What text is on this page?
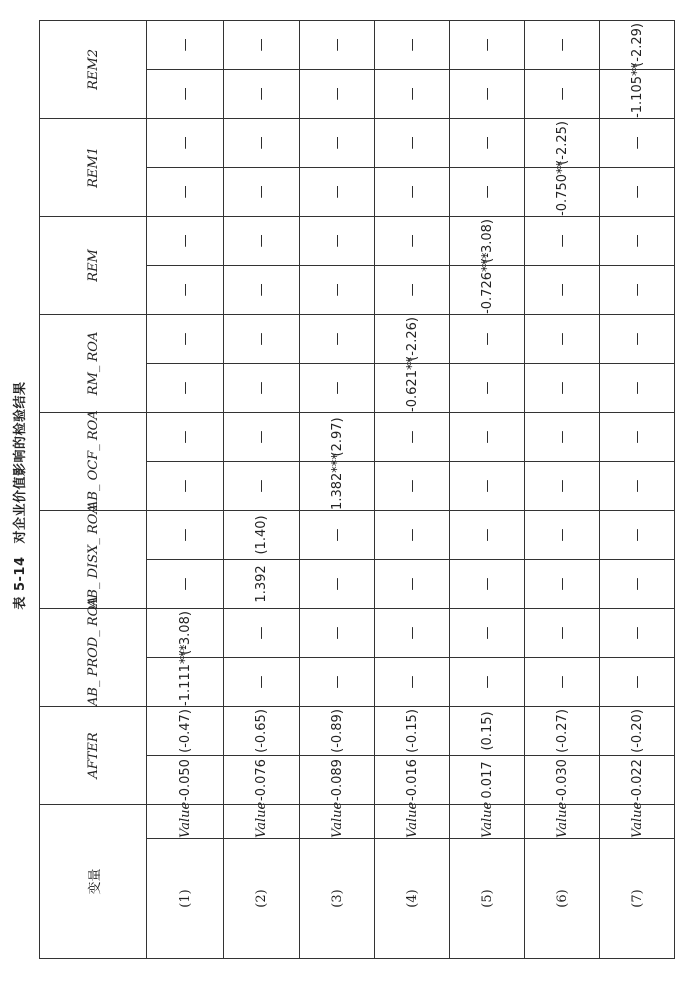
表 5-14 对企业价值影响的检验结果
变量		AFTER		AB_ PROD_ ROA		AB_ DISX_ ROA		AB_ OCF_ ROA		RM_ ROA		REM		REM1		REM2	
(1)	Value	-0.050	(-0.47)	-1.111***	(-3.08)	—	—	—	—	—	—	—	—	—	—	—	—
(2)	Value	-0.076	(-0.65)	—	—	1.392	(1.40)	—	—	—	—	—	—	—	—	—	—
(3)	Value	-0.089	(-0.89)	—	—	—	—	1.382***	(2.97)	—	—	—	—	—	—	—	—
(4)	Value	-0.016	(-0.15)	—	—	—	—	—	—	-0.621**	(-2.26)	—	—	—	—	—	—
(5)	Value	0.017	(0.15)	—	—	—	—	—	—	—	—	-0.726***	(-3.08)	—	—	—	—
(6)	Value	-0.030	(-0.27)	—	—	—	—	—	—	—	—	—	—	-0.750**	(-2.25)	—	—
(7)	Value	-0.022	(-0.20)	—	—	—	—	—	—	—	—	—	—	—	—	-1.105**	(-2.29)
